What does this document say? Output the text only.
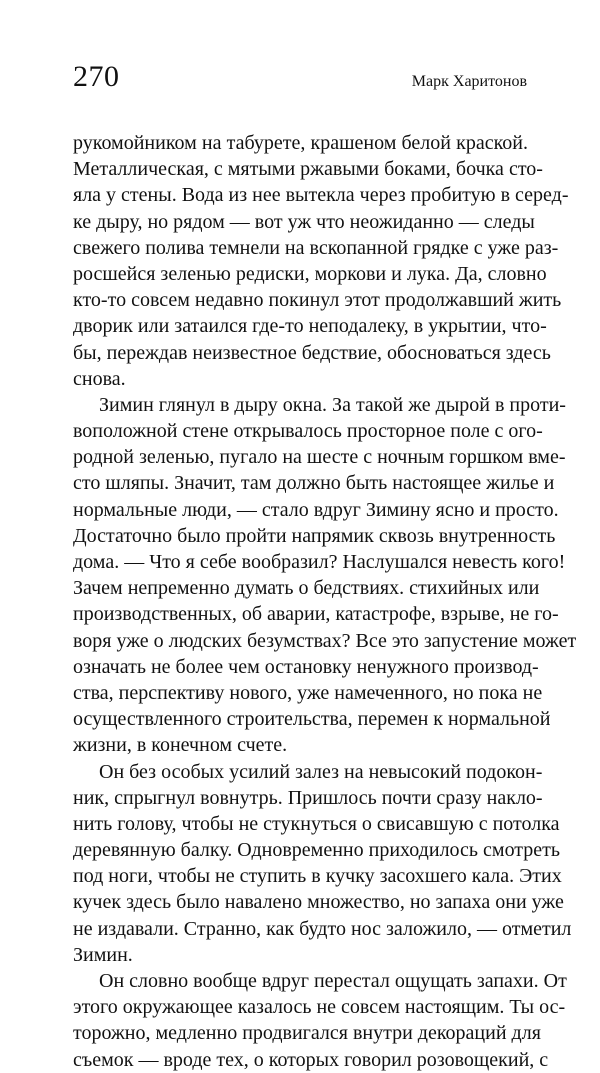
270	Марк Харитонов
рукомойником на табурете, крашеном белой краской.
Металлическая, с мятыми ржавыми боками, бочка сто-
яла у стены. Вода из нее вытекла через пробитую в серед-
ке дыру, но рядом — вот уж что неожиданно — следы
свежего полива темнели на вскопанной грядке с уже раз-
росшейся зеленью редиски, моркови и лука. Да, словно
кто-то совсем недавно покинул этот продолжавший жить
дворик или затаился где-то неподалеку, в укрытии, что-
бы, переждав неизвестное бедствие, обосноваться здесь
снова.
Зимин глянул в дыру окна. За такой же дырой в проти-
воположной стене открывалось просторное поле с ого-
родной зеленью, пугало на шесте с ночным горшком вме-
сто шляпы. Значит, там должно быть настоящее жилье и
нормальные люди, — стало вдруг Зимину ясно и просто.
Достаточно было пройти напрямик сквозь внутренность
дома. — Что я себе вообразил? Наслушался невесть кого!
Зачем непременно думать о бедствиях. стихийных или
производственных, об аварии, катастрофе, взрыве, не го-
воря уже о людских безумствах? Все это запустение может
означать не более чем остановку ненужного производ-
ства, перспективу нового, уже намеченного, но пока не
осуществленного строительства, перемен к нормальной
жизни, в конечном счете.
Он без особых усилий залез на невысокий подокон-
ник, спрыгнул вовнутрь. Пришлось почти сразу накло-
нить голову, чтобы не стукнуться о свисавшую с потолка
деревянную балку. Одновременно приходилось смотреть
под ноги, чтобы не ступить в кучку засохшего кала. Этих
кучек здесь было навалено множество, но запаха они уже
не издавали. Странно, как будто нос заложило, — отметил
Зимин.
Он словно вообще вдруг перестал ощущать запахи. От
этого окружающее казалось не совсем настоящим. Ты ос-
торожно, медленно продвигался внутри декораций для
съемок — вроде тех, о которых говорил розовощекий, с
